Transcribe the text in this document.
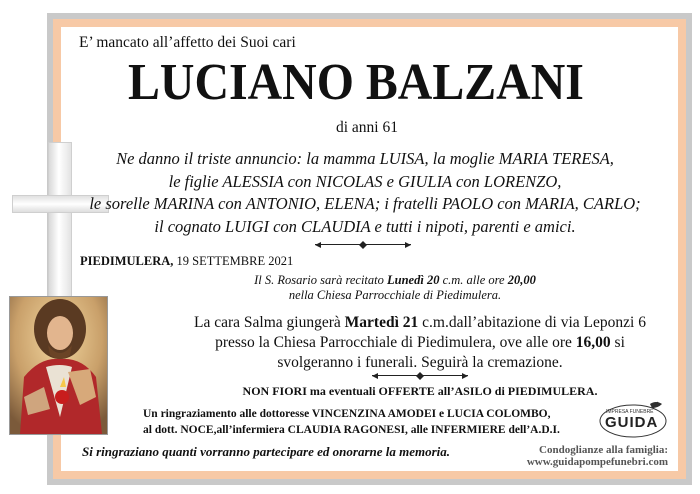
E’ mancato all’affetto dei Suoi cari
LUCIANO BALZANI
di anni 61
Ne danno il triste annuncio: la mamma LUISA, la moglie MARIA TERESA,
le figlie ALESSIA con NICOLAS e GIULIA con LORENZO,
le sorelle MARINA con ANTONIO, ELENA; i fratelli PAOLO con MARIA, CARLO;
il cognato LUIGI con CLAUDIA e tutti i nipoti, parenti e amici.
PIEDIMULERA, 19 SETTEMBRE 2021
Il S. Rosario sarà recitato Lunedì 20 c.m. alle ore 20,00
nella Chiesa Parrocchiale di Piedimulera.
La cara Salma giungerà Martedì 21 c.m.dall’abitazione di via Leponzi 6
presso la Chiesa Parrocchiale di Piedimulera, ove alle ore 16,00 si
svolgeranno i funerali. Seguirà la cremazione.
NON FIORI ma eventuali OFFERTE all’ASILO di PIEDIMULERA.
Un ringraziamento alle dottoresse VINCENZINA AMODEI e LUCIA COLOMBO,
al dott. NOCE,all’infermiera CLAUDIA RAGONESI, alle INFERMIERE dell’A.D.I.
Si ringraziano quanti vorranno partecipare ed onorarne la memoria.
IMPRESA FUNEBRE
GUIDA
Condoglianze alla famiglia:
www.guidapompefunebri.com
